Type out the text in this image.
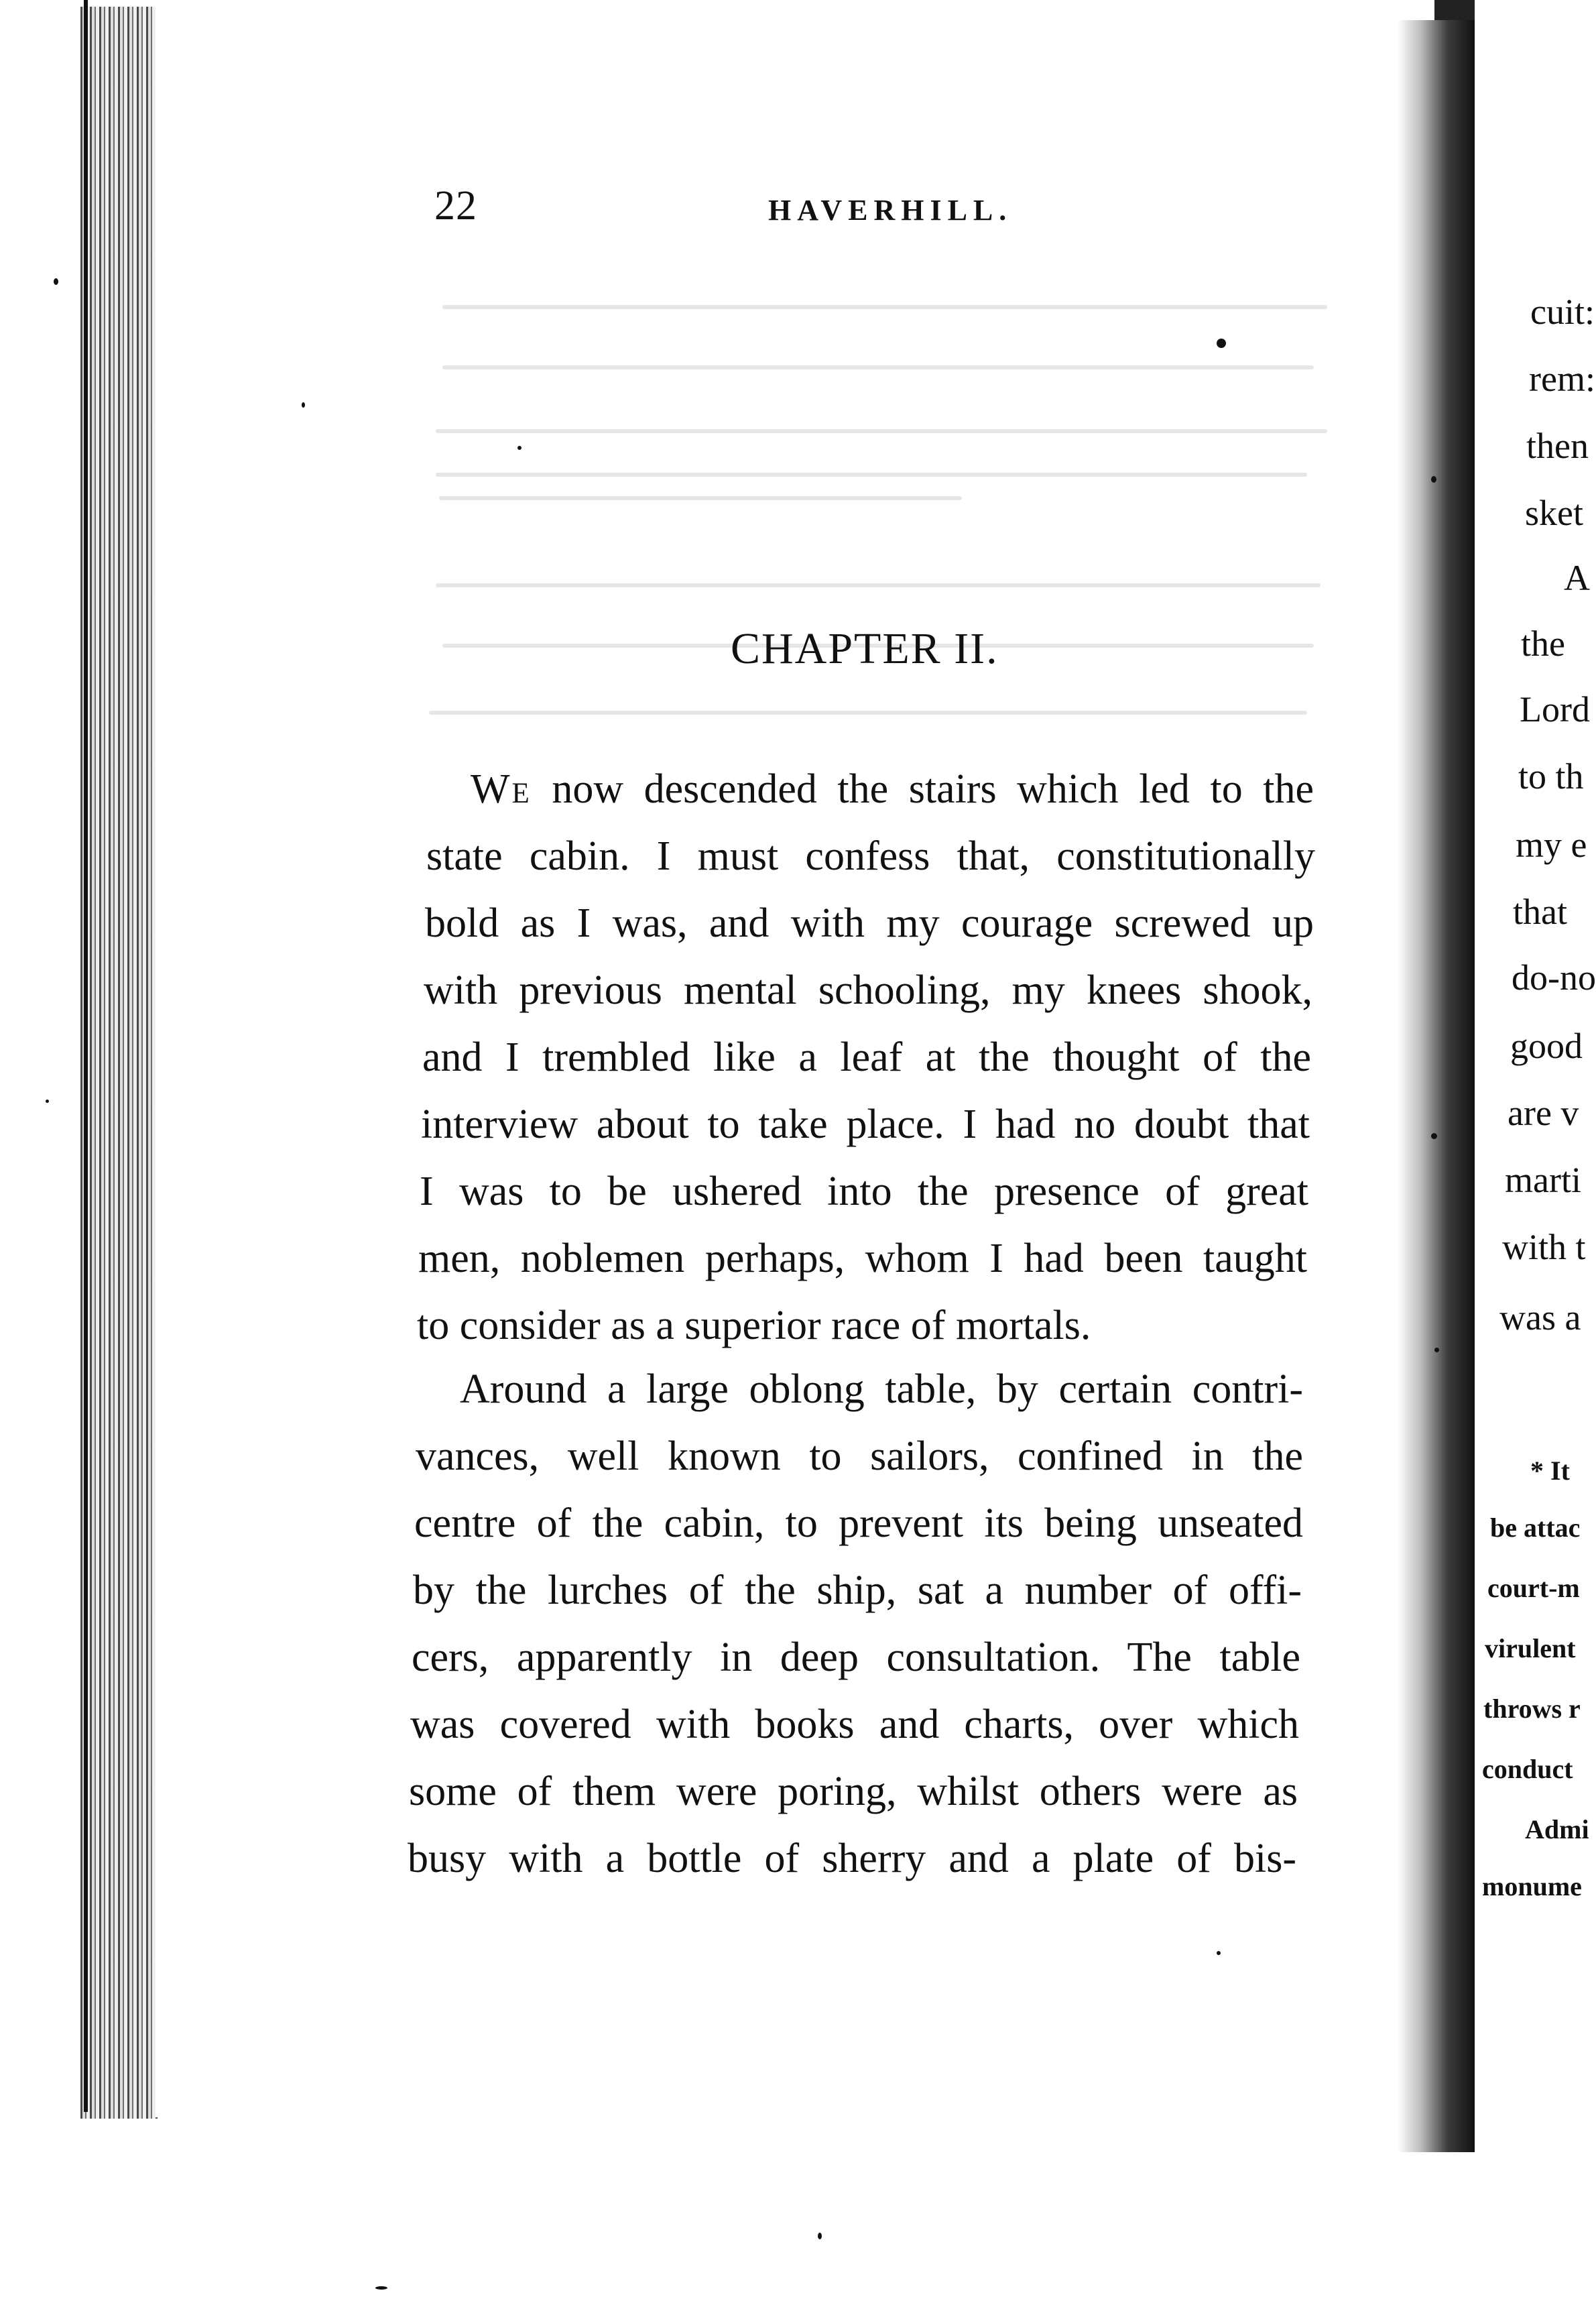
22	HAVERHILL.
CHAPTER II.
We now descended the stairs which led to the
state cabin. I must confess that, constitutionally
bold as I was, and with my courage screwed up
with previous mental schooling, my knees shook,
and I trembled like a leaf at the thought of the
interview about to take place. I had no doubt that
I was to be ushered into the presence of great
men, noblemen perhaps, whom I had been taught
to consider as a superior race of mortals.
Around a large oblong table, by certain contri-
vances, well known to sailors, confined in the
centre of the cabin, to prevent its being unseated
by the lurches of the ship, sat a number of offi-
cers, apparently in deep consultation. The table
was covered with books and charts, over which
some of them were poring, whilst others were as
busy with a bottle of sherry and a plate of bis-
cuit:
rem:
then
sket
A
the
Lord
to th
my e
that
do-no
good
are v
marti
with t
was a
* It
be attac
court-m
virulent
throws r
conduct
Admi
monume
